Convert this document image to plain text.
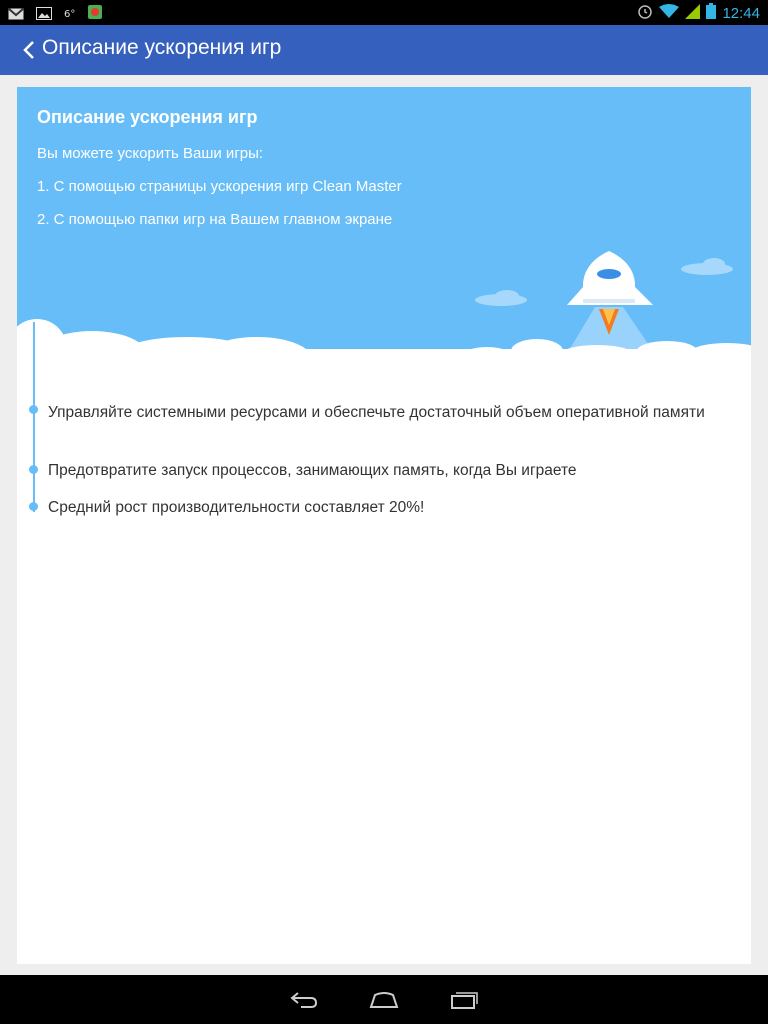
6°	12:44
Описание ускорения игр
Описание ускорения игр
Вы можете ускорить Ваши игры:
1. С помощью страницы ускорения игр Clean Master
2. С помощью папки игр на Вашем главном экране
Управляйте системными ресурсами и обеспечьте достаточный объем оперативной памяти
Предотвратите запуск процессов, занимающих память, когда Вы играете
Средний рост производительности составляет 20%!
